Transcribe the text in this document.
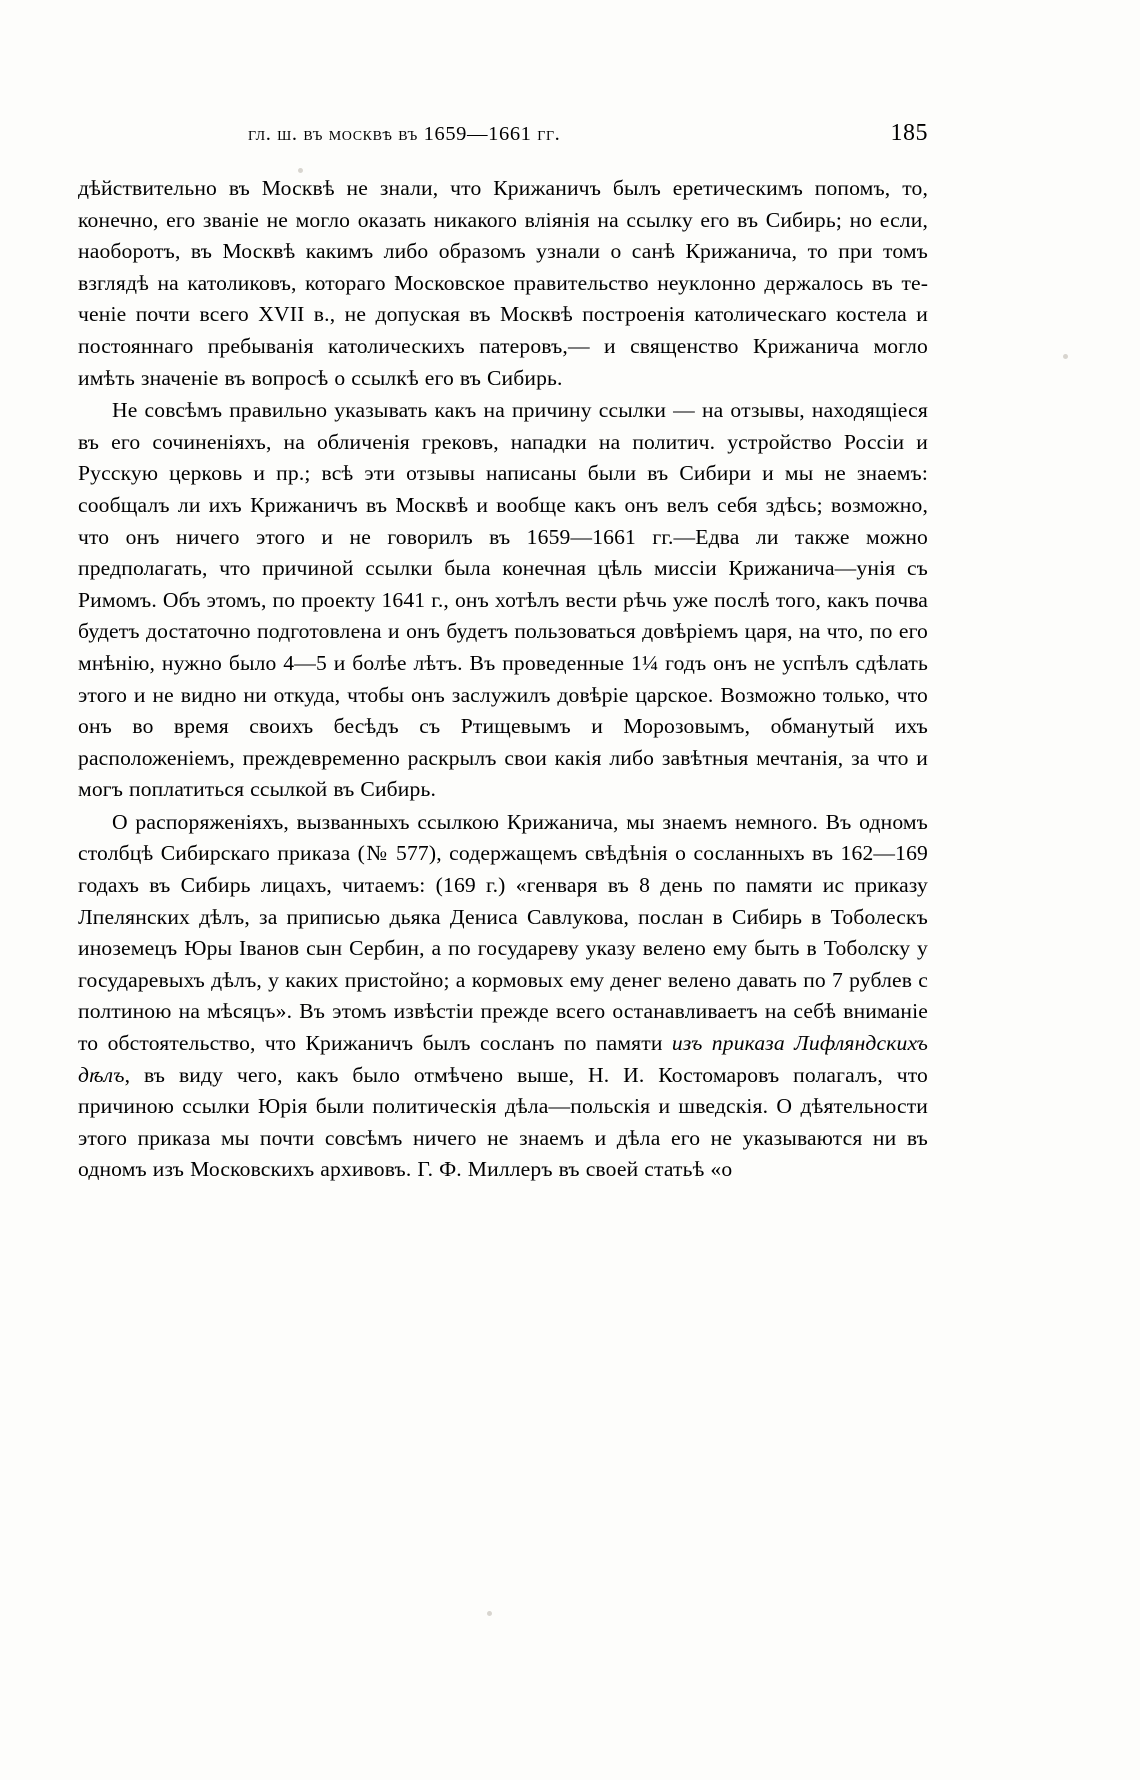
гл. ш. въ москвѣ въ 1659—1661 гг.	185

дѣйствительно въ Москвѣ не знали, что Крижаничъ былъ еретическимъ попомъ, то, конечно, его званiе не могло оказать никакого влiянiя на ссылку его въ Сибирь; но если, наоборотъ, въ Москвѣ какимъ либо образомъ узнали о санѣ Крижанича, то при томъ взглядѣ на католиковъ, котораго Московское правительство неуклонно держалось въ теченiе почти всего XVII в., не допуская въ Москвѣ построенiя католическаго костела и постояннаго пребыванiя католическихъ патеровъ,— и священство Крижанича могло имѣть значенiе въ вопросѣ о ссылкѣ его въ Сибирь.

Не совсѣмъ правильно указывать какъ на причину ссылки — на отзывы, находящiеся въ его сочиненiяхъ, на обличенiя грековъ, нападки на политич. устройство Россiи и Русскую церковь и пр.; всѣ эти отзывы написаны были въ Сибири и мы не знаемъ: сообщалъ ли ихъ Крижаничъ въ Москвѣ и вообще какъ онъ велъ себя здѣсь; возможно, что онъ ничего этого и не говорилъ въ 1659—1661 гг.—Едва ли также можно предполагать, что причиной ссылки была конечная цѣль миссiи Крижанича—унiя съ Римомъ. Объ этомъ, по проекту 1641 г., онъ хотѣлъ вести рѣчь уже послѣ того, какъ почва будетъ достаточно подготовлена и онъ будетъ пользоваться довѣрiемъ царя, на что, по его мнѣнiю, нужно было 4—5 и болѣе лѣтъ. Въ проведенные 1¼ годъ онъ не успѣлъ сдѣлать этого и не видно ни откуда, чтобы онъ заслужилъ довѣрiе царское. Возможно только, что онъ во время своихъ бесѣдъ съ Ртищевымъ и Морозовымъ, обманутый ихъ расположенiемъ, преждевременно раскрылъ свои какiя либо завѣтныя мечтанiя, за что и могъ поплатиться ссылкой въ Сибирь.

О распоряженiяхъ, вызванныхъ ссылкою Крижанича, мы знаемъ немного. Въ одномъ столбцѣ Сибирскаго приказа (№ 577), содержащемъ свѣдѣнiя о сосланныхъ въ 162—169 годахъ въ Сибирь лицахъ, читаемъ: (169 г.) «генваря въ 8 день по памяти ис приказу Лпелянских дѣлъ, за приписью дьяка Дениса Савлукова, послан в Сибирь в Тоболескъ иноземецъ Юры Iванов сын Сербин, а по государеву указу велено ему быть в Тоболску у государевыхъ дѣлъ, у каких пристойно; а кормовых ему денег велено давать по 7 рублев с полтиною на мѣсяцъ». Въ этомъ извѣстiи прежде всего останавливаетъ на себѣ вниманiе то обстоятельство, что Крижаничъ былъ сосланъ по памяти изъ приказа Лифляндскихъ дѣлъ, въ виду чего, какъ было отмѣчено выше, Н. И. Костомаровъ полагалъ, что причиною ссылки Юрiя были политическiя дѣла—польскiя и шведскiя. О дѣятельности этого приказа мы почти совсѣмъ ничего не знаемъ и дѣла его не указываются ни въ одномъ изъ Московскихъ архивовъ. Г. Ф. Миллеръ въ своей статьѣ «о
